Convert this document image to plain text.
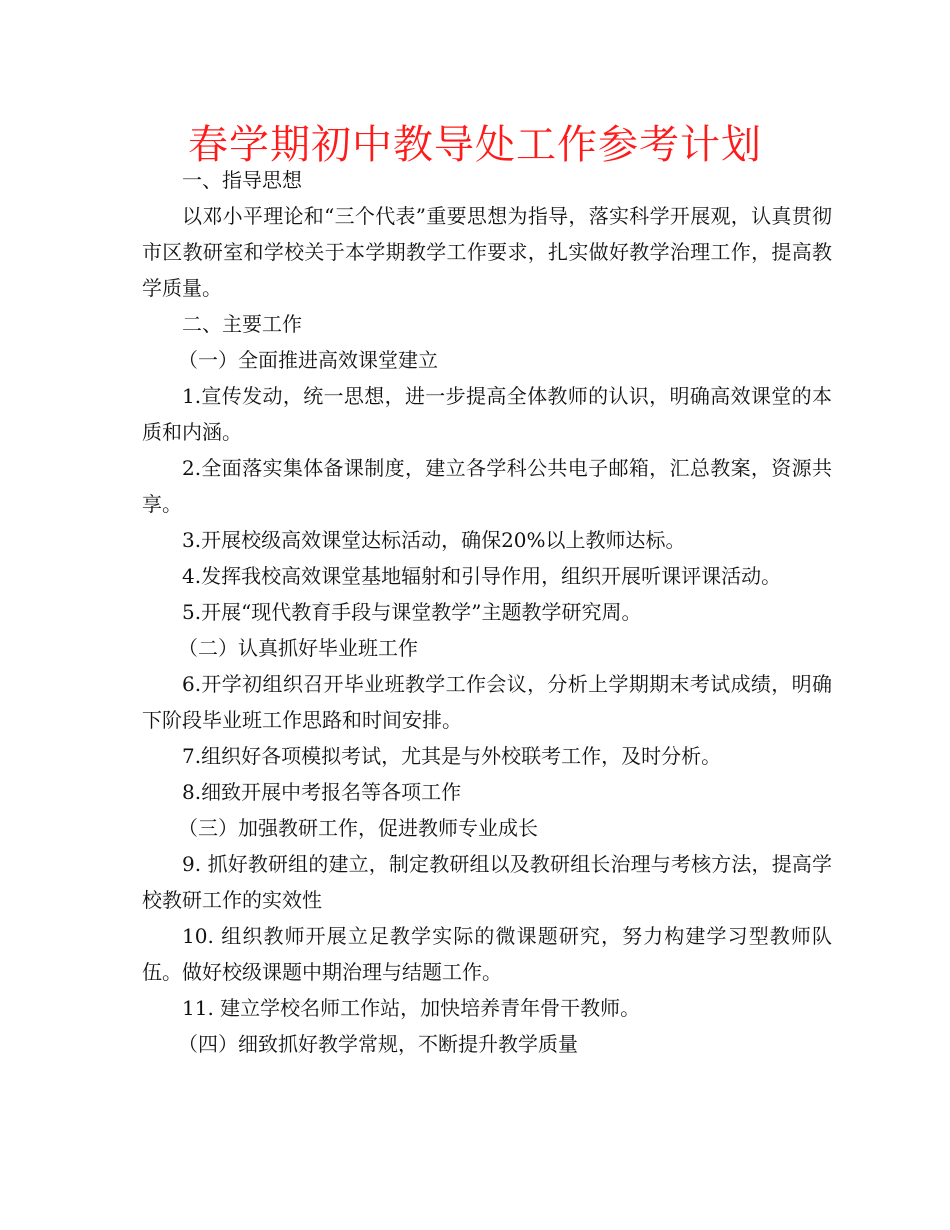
春学期初中教导处工作参考计划

一、指导思想

以邓小平理论和“三个代表”重要思想为指导，落实科学开展观，认真贯彻市区教研室和学校关于本学期教学工作要求，扎实做好教学治理工作，提高教学质量。

二、主要工作

（一）全面推进高效课堂建立

1.宣传发动，统一思想，进一步提高全体教师的认识，明确高效课堂的本质和内涵。

2.全面落实集体备课制度，建立各学科公共电子邮箱，汇总教案，资源共享。

3.开展校级高效课堂达标活动，确保20%以上教师达标。

4.发挥我校高效课堂基地辐射和引导作用，组织开展听课评课活动。

5.开展“现代教育手段与课堂教学”主题教学研究周。

（二）认真抓好毕业班工作

6.开学初组织召开毕业班教学工作会议，分析上学期期末考试成绩，明确下阶段毕业班工作思路和时间安排。

7.组织好各项模拟考试，尤其是与外校联考工作，及时分析。

8.细致开展中考报名等各项工作

（三）加强教研工作，促进教师专业成长

9. 抓好教研组的建立，制定教研组以及教研组长治理与考核方法，提高学校教研工作的实效性

10. 组织教师开展立足教学实际的微课题研究，努力构建学习型教师队伍。做好校级课题中期治理与结题工作。

11. 建立学校名师工作站，加快培养青年骨干教师。

（四）细致抓好教学常规，不断提升教学质量
